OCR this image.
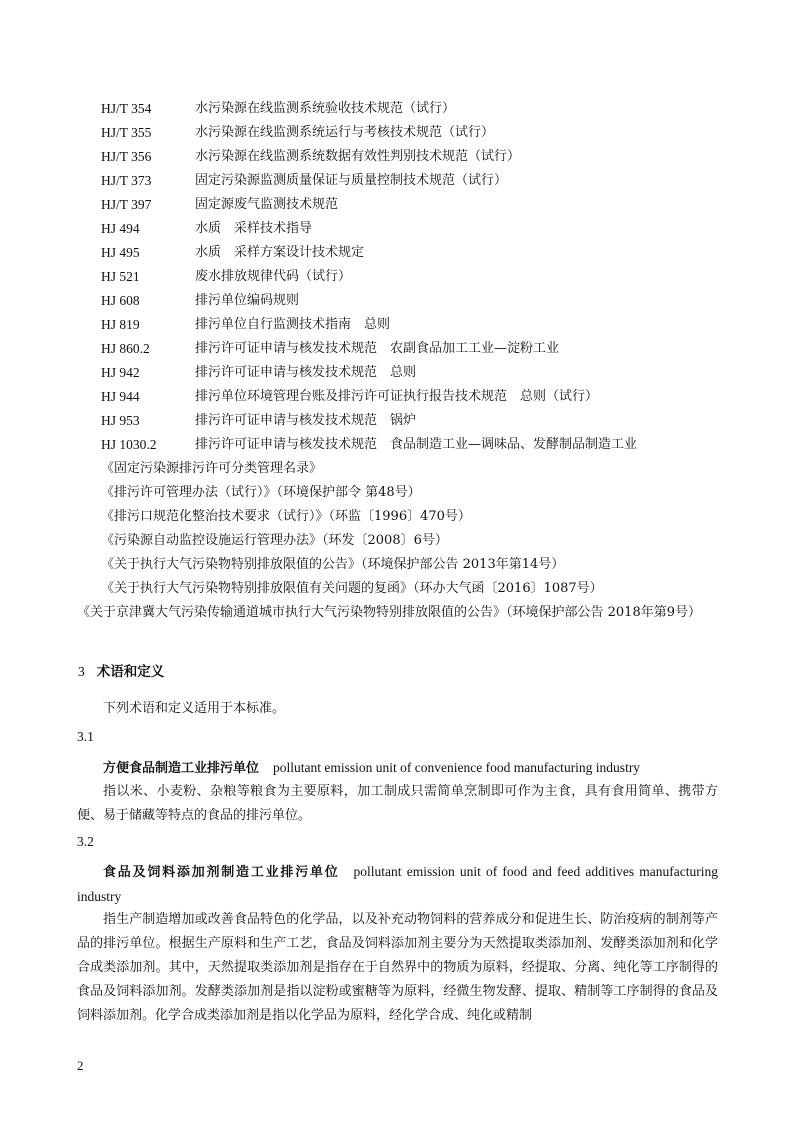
HJ/T 354	水污染源在线监测系统验收技术规范（试行）
HJ/T 355	水污染源在线监测系统运行与考核技术规范（试行）
HJ/T 356	水污染源在线监测系统数据有效性判别技术规范（试行）
HJ/T 373	固定污染源监测质量保证与质量控制技术规范（试行）
HJ/T 397	固定源废气监测技术规范
HJ 494	水质　采样技术指导
HJ 495	水质　采样方案设计技术规定
HJ 521	废水排放规律代码（试行）
HJ 608	排污单位编码规则
HJ 819	排污单位自行监测技术指南　总则
HJ 860.2	排污许可证申请与核发技术规范　农副食品加工工业—淀粉工业
HJ 942	排污许可证申请与核发技术规范　总则
HJ 944	排污单位环境管理台账及排污许可证执行报告技术规范　总则（试行）
HJ 953	排污许可证申请与核发技术规范　锅炉
HJ 1030.2	排污许可证申请与核发技术规范　食品制造工业—调味品、发酵制品制造工业
《固定污染源排污许可分类管理名录》
《排污许可管理办法（试行）》（环境保护部令 第48号）
《排污口规范化整治技术要求（试行）》（环监〔1996〕470号）
《污染源自动监控设施运行管理办法》（环发〔2008〕6号）
《关于执行大气污染物特别排放限值的公告》（环境保护部公告 2013年第14号）
《关于执行大气污染物特别排放限值有关问题的复函》（环办大气函〔2016〕1087号）
《关于京津冀大气污染传输通道城市执行大气污染物特别排放限值的公告》（环境保护部公告 2018年第9号）
3 术语和定义
下列术语和定义适用于本标准。
3.1
方便食品制造工业排污单位 pollutant emission unit of convenience food manufacturing industry
指以米、小麦粉、杂粮等粮食为主要原料，加工制成只需简单烹制即可作为主食，具有食用简单、携带方便、易于储藏等特点的食品的排污单位。
3.2
食品及饲料添加剂制造工业排污单位 pollutant emission unit of food and feed additives manufacturing industry
指生产制造增加或改善食品特色的化学品，以及补充动物饲料的营养成分和促进生长、防治疫病的制剂等产品的排污单位。根据生产原料和生产工艺，食品及饲料添加剂主要分为天然提取类添加剂、发酵类添加剂和化学合成类添加剂。其中，天然提取类添加剂是指存在于自然界中的物质为原料，经提取、分离、纯化等工序制得的食品及饲料添加剂。发酵类添加剂是指以淀粉或蜜糖等为原料，经微生物发酵、提取、精制等工序制得的食品及饲料添加剂。化学合成类添加剂是指以化学品为原料，经化学合成、纯化或精制
2
